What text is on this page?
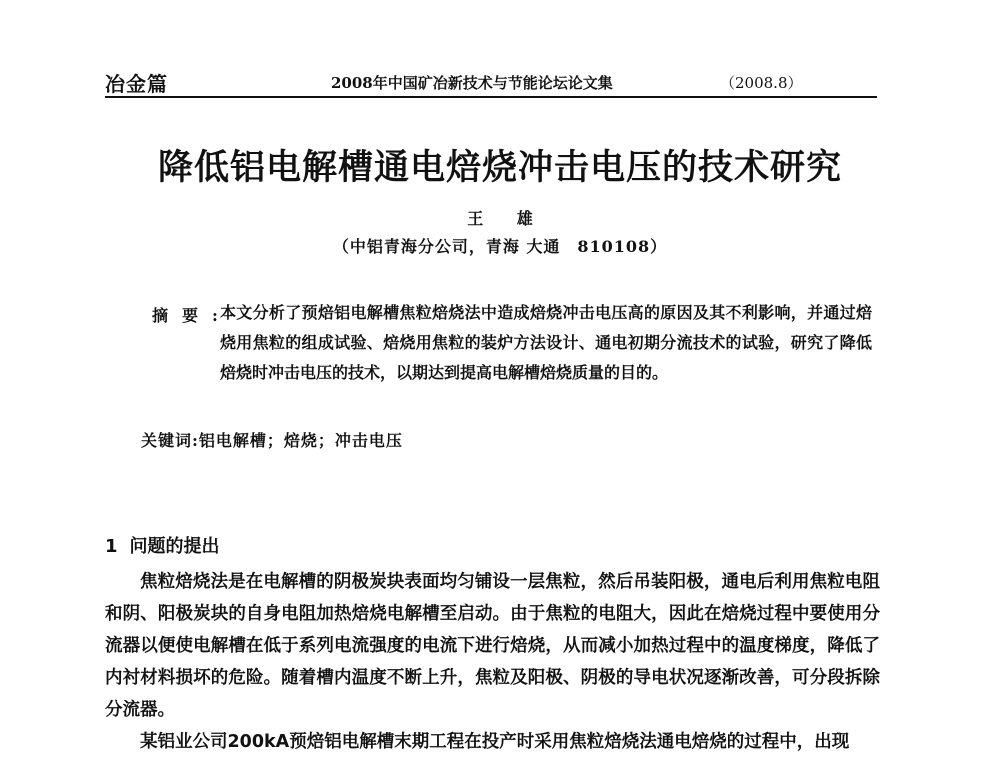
冶金篇	2008年中国矿冶新技术与节能论坛论文集	（2008.8）
降低铝电解槽通电焙烧冲击电压的技术研究
王 雄
（中铝青海分公司，青海 大通　810108）
摘要:
本文分析了预焙铝电解槽焦粒焙烧法中造成焙烧冲击电压高的原因及其不利影响，并通过焙烧用焦粒的组成试验、焙烧用焦粒的装炉方法设计、通电初期分流技术的试验，研究了降低焙烧时冲击电压的技术，以期达到提高电解槽焙烧质量的目的。
关键词:铝电解槽；焙烧；冲击电压
1 问题的提出

焦粒焙烧法是在电解槽的阴极炭块表面均匀铺设一层焦粒，然后吊装阳极，通电后利用焦粒电阻和阴、阳极炭块的自身电阻加热焙烧电解槽至启动。由于焦粒的电阻大，因此在焙烧过程中要使用分流器以便使电解槽在低于系列电流强度的电流下进行焙烧，从而减小加热过程中的温度梯度，降低了内衬材料损坏的危险。随着槽内温度不断上升，焦粒及阳极、阴极的导电状况逐渐改善，可分段拆除分流器。

某铝业公司200kA预焙铝电解槽末期工程在投产时采用焦粒焙烧法通电焙烧的过程中，出现
